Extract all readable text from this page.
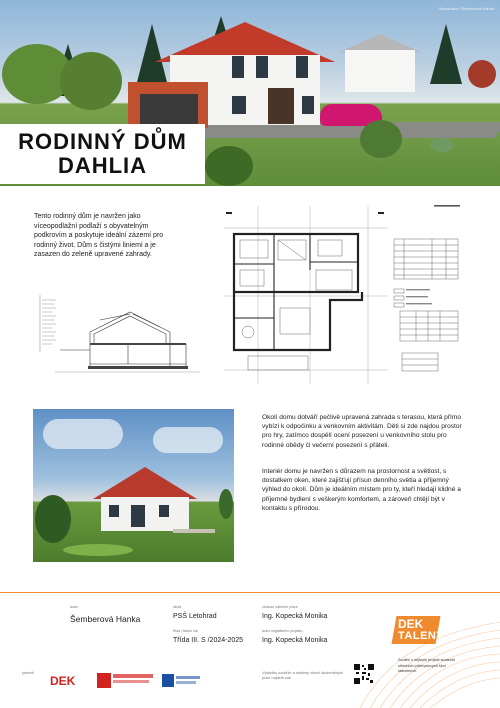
Vizualizace: Šemberová Hanka
RODINNÝ DŮM
DAHLIA
Tento rodinný dům je navržen jako víceopodlažní podlaží s obyvatelným podkrovím a poskytuje ideální zázemí pro rodinný život. Dům s čistými liniemi a je zasazen do zeleně upravené zahrady.
Okolí domu dotváří pečlivě upravená zahrada s terasou, která přímo vybízí k odpočinku a venkovním aktivitám. Děti si zde najdou prostor pro hry, zatímco dospělí ocení posezení u venkovního stolu pro rodinné obědy či večerní posezení s přáteli.
Interiér domu je navržen s důrazem na prostornost a světlost, s dostatkem oken, které zajišťují přísun denního světla a příjemný výhled do okolí. Dům je ideálním místem pro ty, kteří hledají klidné a příjemné bydlení s veškerým komfortem, a zároveň chtějí být v kontaktu s přírodou.
autor
Šemberová Hanka
škola
PSŠ Letohrad
třída / školní rok
Třída III. S /2024-2025
vedoucí odborné práce
Ing. Kopecká Monika
autor originálního projektu
Ing. Kopecká Monika
partneři
DEK
Výsledky soutěže a náhledy všech studentských prací najdete zde
DEK
TALENT
Soutěž o nejlepší projekt studentů středních průmyslových škol stavebních
